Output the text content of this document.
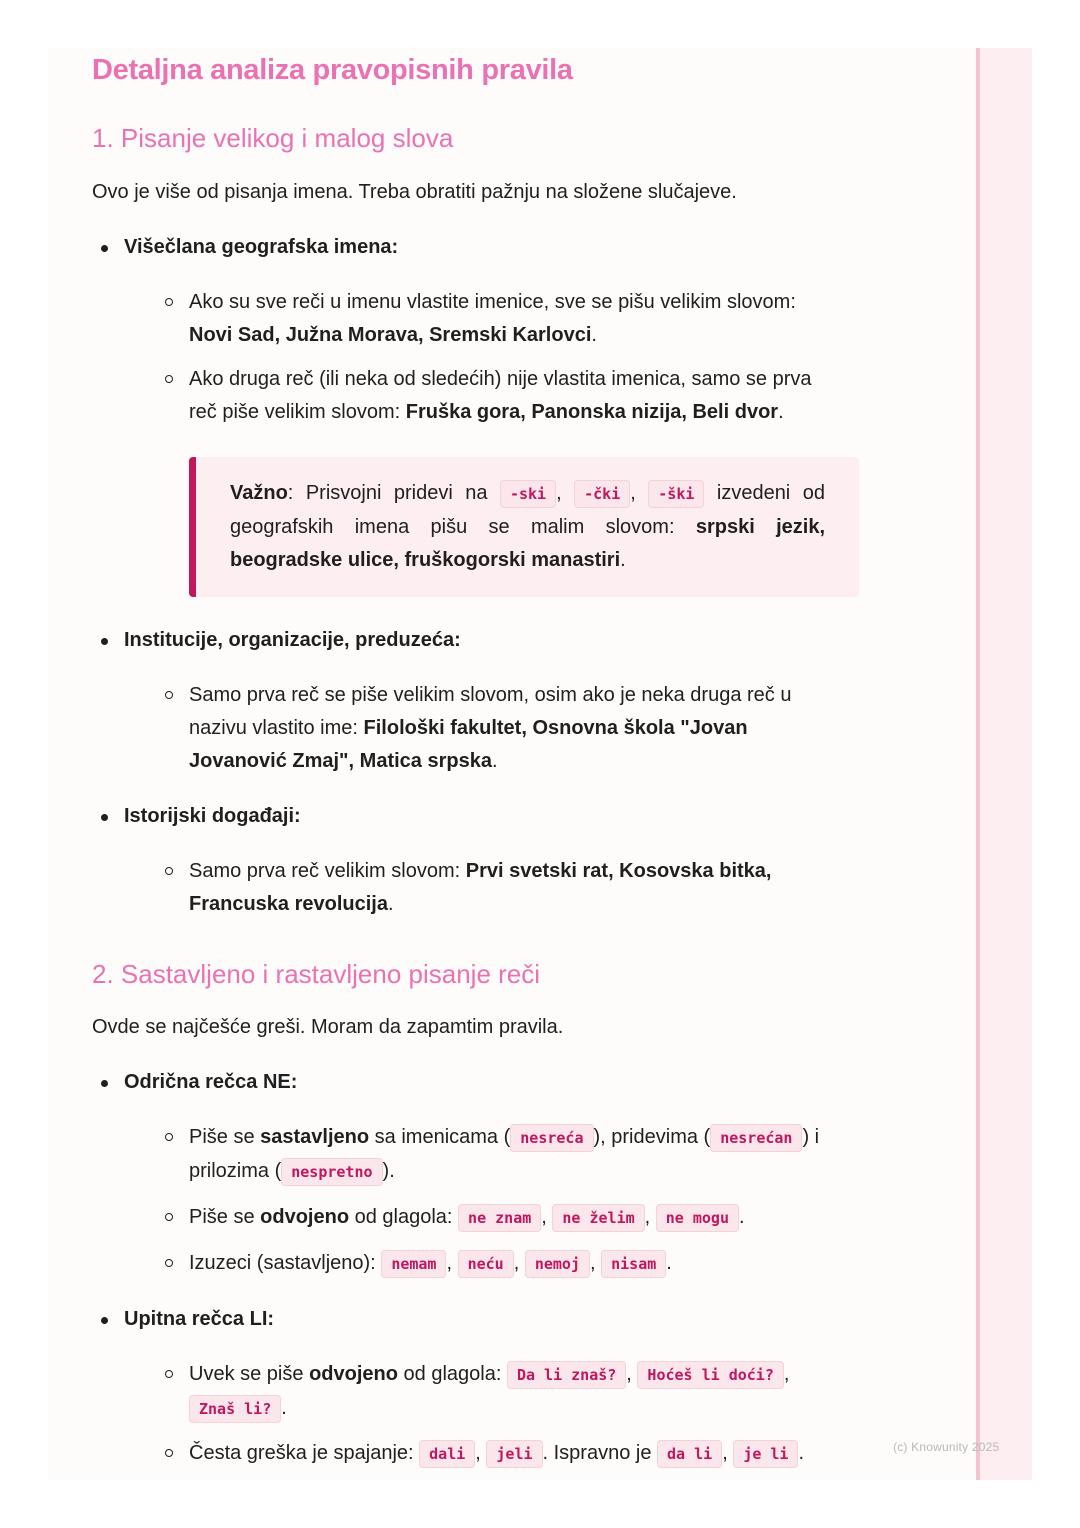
(c) Knowunity 2025
Detaljna analiza pravopisnih pravila
1. Pisanje velikog i malog slova

Ovo je više od pisanja imena. Treba obratiti pažnju na složene slučajeve.

Višečlana geografska imena:
Ako su sve reči u imenu vlastite imenice, sve se pišu velikim slovom: Novi Sad, Južna Morava, Sremski Karlovci.
Ako druga reč (ili neka od sledećih) nije vlastita imenica, samo se prva reč piše velikim slovom: Fruška gora, Panonska nizija, Beli dvor.
Važno: Prisvojni pridevi na -ski , -čki , -ški izvedeni od geografskih imena pišu se malim slovom: srpski jezik, beogradske ulice, fruškogorski manastiri.
Institucije, organizacije, preduzeća:
Samo prva reč se piše velikim slovom, osim ako je neka druga reč u nazivu vlastito ime: Filološki fakultet, Osnovna škola "Jovan Jovanović Zmaj", Matica srpska.
Istorijski događaji:
Samo prva reč velikim slovom: Prvi svetski rat, Kosovska bitka, Francuska revolucija.
2. Sastavljeno i rastavljeno pisanje reči

Ovde se najčešće greši. Moram da zapamtim pravila.

Odrična rečca NE:
Piše se sastavljeno sa imenicama ( nesreća ), pridevima ( nesrećan ) i prilozima ( nespretno ).
Piše se odvojeno od glagola: ne znam , ne želim , ne mogu .
Izuzeci (sastavljeno): nemam , neću , nemoj , nisam .
Upitna rečca LI:
Uvek se piše odvojeno od glagola: Da li znaš? , Hoćeš li doći? , Znaš li? .
Česta greška je spajanje: dali , jeli . Ispravno je da li , je li .
